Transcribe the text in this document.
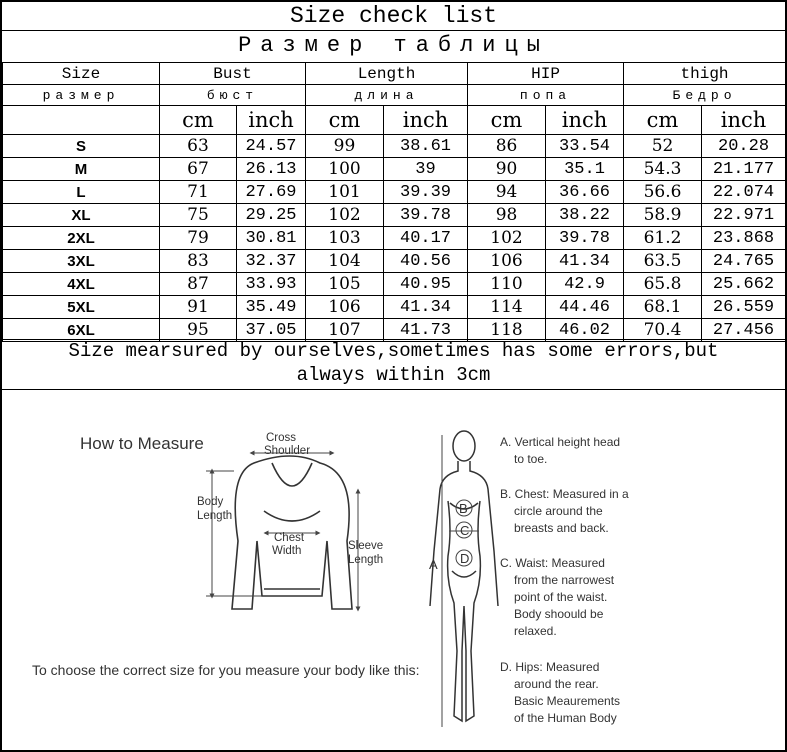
Size check list
Размер таблицы
Size	Bust		Length		HIP		thigh	
размер	бюст		длина		попа		Бедро	
	cm	inch	cm	inch	cm	inch	cm	inch
S	63	24.57	99	38.61	86	33.54	52	20.28
M	67	26.13	100	39	90	35.1	54.3	21.177
L	71	27.69	101	39.39	94	36.66	56.6	22.074
XL	75	29.25	102	39.78	98	38.22	58.9	22.971
2XL	79	30.81	103	40.17	102	39.78	61.2	23.868
3XL	83	32.37	104	40.56	106	41.34	63.5	24.765
4XL	87	33.93	105	40.95	110	42.9	65.8	25.662
5XL	91	35.49	106	41.34	114	44.46	68.1	26.559
6XL	95	37.05	107	41.73	118	46.02	70.4	27.456
Size mearsured by ourselves,sometimes has some errors,but
always within 3cm
How to Measure	Cross
Shoulder
Body
Length
Chest
Width	Sleeve
Length
To choose the correct size for you measure your body like this:
A
B
C
D
A. Vertical height head
to toe.
B. Chest: Measured in a
circle around the
breasts and back.
C. Waist: Measured
from the narrowest
point of the waist.
Body shoould be
relaxed.
D. Hips: Measured
around the rear.
Basic Meaurements
of the Human Body
